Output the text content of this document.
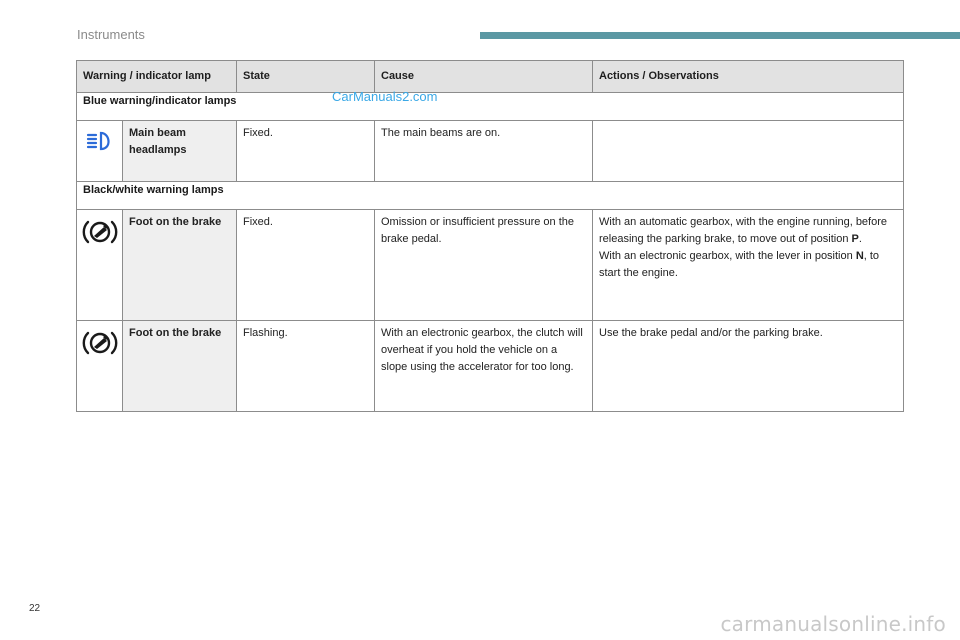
Instruments
Warning / indicator lamp		State	Cause	Actions / Observations
Blue warning/indicator lamps				
	Main beam headlamps	Fixed.	The main beams are on.	
Black/white warning lamps				
	Foot on the brake	Fixed.	Omission or insufficient pressure on the brake pedal.	With an automatic gearbox, with the engine running, before releasing the parking brake, to move out of position P.
With an electronic gearbox, with the lever in position N, to start the engine.
	Foot on the brake	Flashing.	With an electronic gearbox, the clutch will overheat if you hold the vehicle on a slope using the accelerator for too long.	Use the brake pedal and/or the parking brake.
CarManuals2.com
22
carmanualsonline.info
